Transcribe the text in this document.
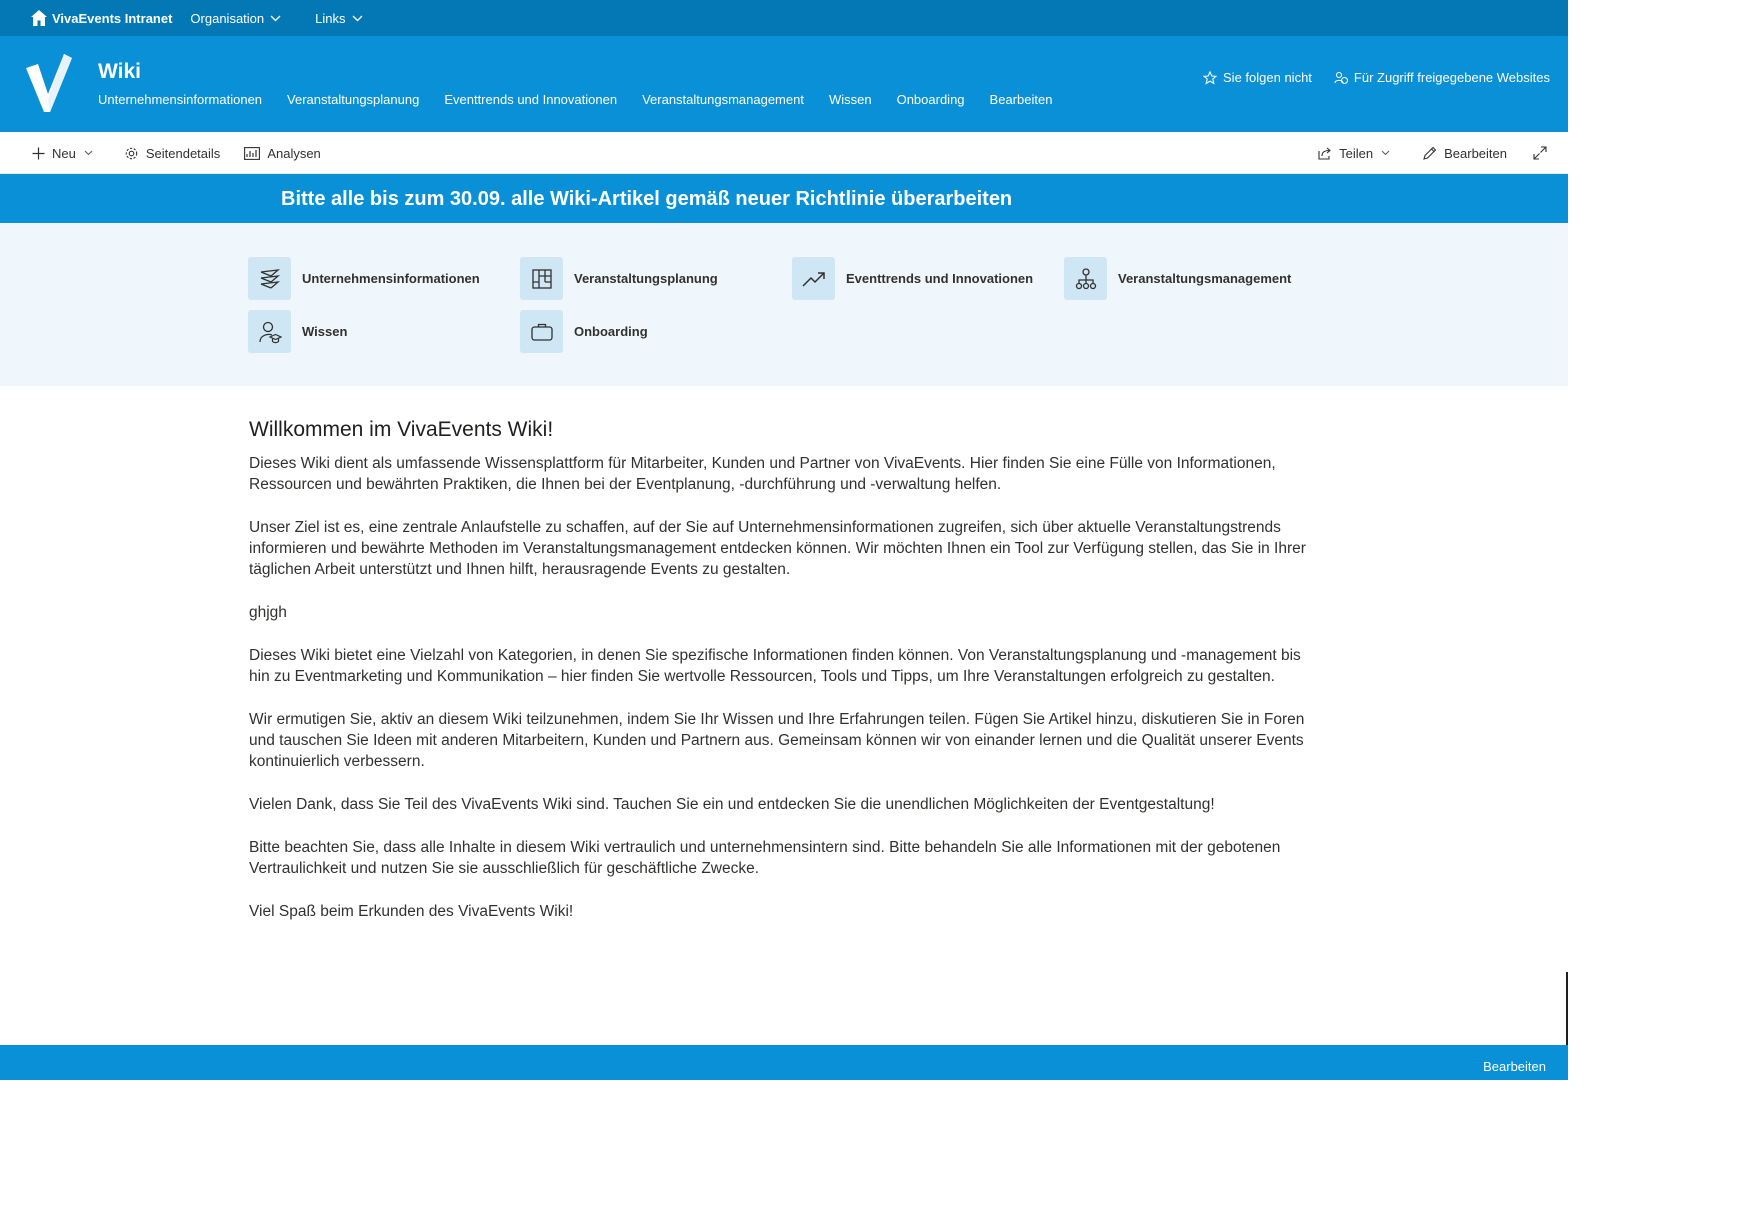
VivaEvents Intranet Organisation	Links
Wiki
Unternehmensinformationen Veranstaltungsplanung Eventtrends und Innovationen Veranstaltungsmanagement Wissen Onboarding Bearbeiten
Sie folgen nicht	Für Zugriff freigegebene Websites
Neu	Seitendetails	Analysen	Teilen	Bearbeiten
Bitte alle bis zum 30.09. alle Wiki-Artikel gemäß neuer Richtlinie überarbeiten
Unternehmensinformationen	Veranstaltungsplanung	Eventtrends und Innovationen	Veranstaltungsmanagement
Wissen	Onboarding
Willkommen im VivaEvents Wiki!

Dieses Wiki dient als umfassende Wissensplattform für Mitarbeiter, Kunden und Partner von VivaEvents. Hier finden Sie eine Fülle von Informationen, Ressourcen und bewährten Praktiken, die Ihnen bei der Eventplanung, -durchführung und -verwaltung helfen.

Unser Ziel ist es, eine zentrale Anlaufstelle zu schaffen, auf der Sie auf Unternehmensinformationen zugreifen, sich über aktuelle Veranstaltungstrends informieren und bewährte Methoden im Veranstaltungsmanagement entdecken können. Wir möchten Ihnen ein Tool zur Verfügung stellen, das Sie in Ihrer täglichen Arbeit unterstützt und Ihnen hilft, herausragende Events zu gestalten.

ghjgh

Dieses Wiki bietet eine Vielzahl von Kategorien, in denen Sie spezifische Informationen finden können. Von Veranstaltungsplanung und -management bis hin zu Eventmarketing und Kommunikation – hier finden Sie wertvolle Ressourcen, Tools und Tipps, um Ihre Veranstaltungen erfolgreich zu gestalten.

Wir ermutigen Sie, aktiv an diesem Wiki teilzunehmen, indem Sie Ihr Wissen und Ihre Erfahrungen teilen. Fügen Sie Artikel hinzu, diskutieren Sie in Foren und tauschen Sie Ideen mit anderen Mitarbeitern, Kunden und Partnern aus. Gemeinsam können wir von einander lernen und die Qualität unserer Events kontinuierlich verbessern.

Vielen Dank, dass Sie Teil des VivaEvents Wiki sind. Tauchen Sie ein und entdecken Sie die unendlichen Möglichkeiten der Eventgestaltung!

Bitte beachten Sie, dass alle Inhalte in diesem Wiki vertraulich und unternehmensintern sind. Bitte behandeln Sie alle Informationen mit der gebotenen Vertraulichkeit und nutzen Sie sie ausschließlich für geschäftliche Zwecke.

Viel Spaß beim Erkunden des VivaEvents Wiki!

Bearbeiten
